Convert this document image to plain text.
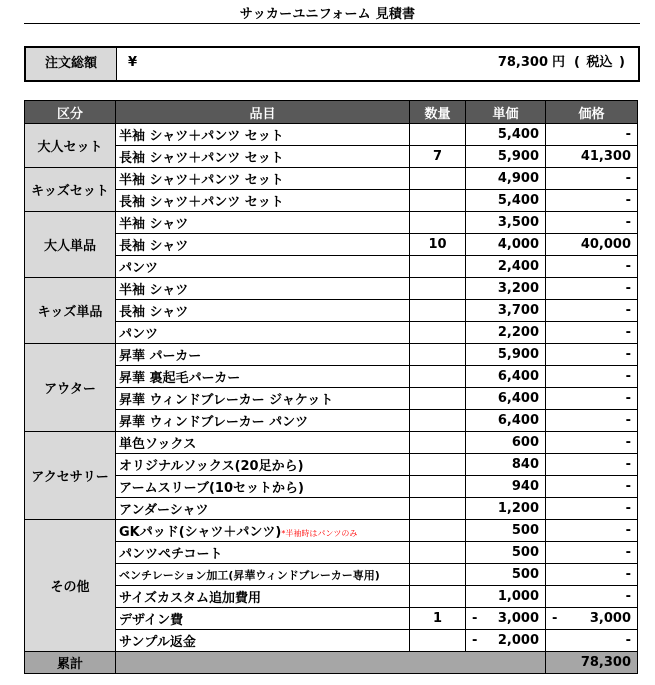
サッカーユニフォーム 見積書
注文総額	¥	78,300 円 ( 税込 )
区分	品目	数量	単価	価格
大人セット	半袖 シャツ＋パンツ セット		5,400	-
	長袖 シャツ＋パンツ セット	7	5,900	41,300
キッズセット	半袖 シャツ＋パンツ セット		4,900	-
	長袖 シャツ＋パンツ セット		5,400	-
大人単品	半袖 シャツ		3,500	-
	長袖 シャツ	10	4,000	40,000
	パンツ		2,400	-
キッズ単品	半袖 シャツ		3,200	-
	長袖 シャツ		3,700	-
	パンツ		2,200	-
アウター	昇華 パーカー		5,900	-
	昇華 裏起毛パーカー		6,400	-
	昇華 ウィンドブレーカー ジャケット		6,400	-
	昇華 ウィンドブレーカー パンツ		6,400	-
アクセサリー	単色ソックス		600	-
	オリジナルソックス(20足から)		840	-
	アームスリーブ(10セットから)		940	-
	アンダーシャツ		1,200	-
その他	GKパッド(シャツ＋パンツ)*半袖時はパンツのみ		500	-
	パンツペチコート		500	-
	ベンチレーション加工(昇華ウィンドブレーカー専用)		500	-
	サイズカスタム追加費用		1,000	-
	デザイン費	1	- 3,000	- 3,000
	サンプル返金		- 2,000	-
累計				78,300
